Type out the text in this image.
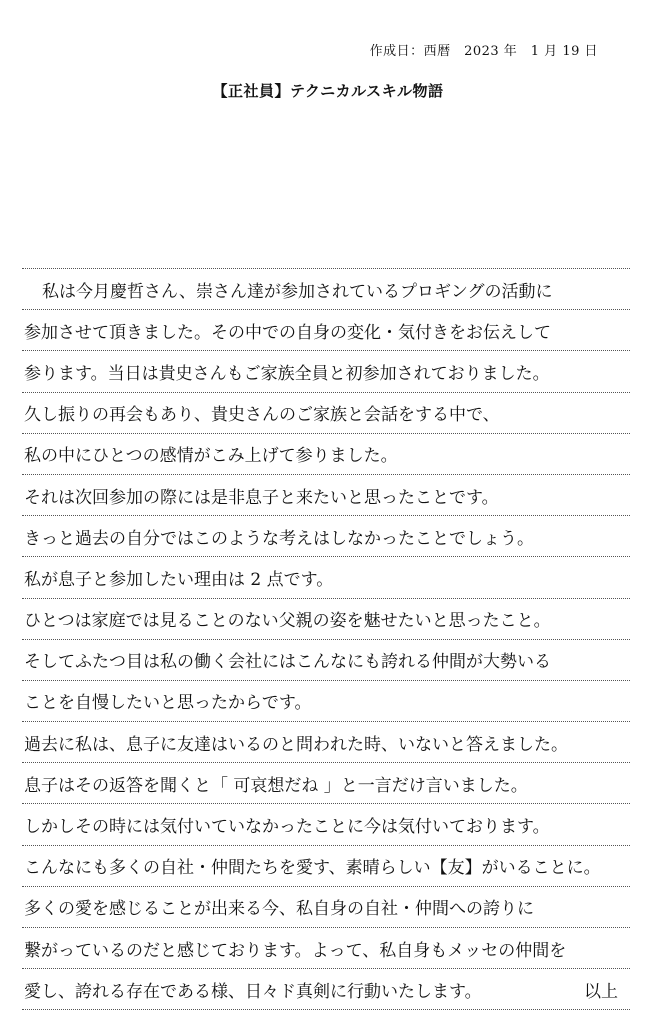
作成日：西暦　2023 年　1 月 19 日
【正社員】テクニカルスキル物語
私は今月慶哲さん、崇さん達が参加されているプロギングの活動に
参加させて頂きました。その中での自身の変化・気付きをお伝えして
参ります。当日は貴史さんもご家族全員と初参加されておりました。
久し振りの再会もあり、貴史さんのご家族と会話をする中で、
私の中にひとつの感情がこみ上げて参りました。
それは次回参加の際には是非息子と来たいと思ったことです。
きっと過去の自分ではこのような考えはしなかったことでしょう。
私が息子と参加したい理由は 2 点です。
ひとつは家庭では見ることのない父親の姿を魅せたいと思ったこと。
そしてふたつ目は私の働く会社にはこんなにも誇れる仲間が大勢いる
ことを自慢したいと思ったからです。
過去に私は、息子に友達はいるのと問われた時、いないと答えました。
息子はその返答を聞くと「 可哀想だね 」と一言だけ言いました。
しかしその時には気付いていなかったことに今は気付いております。
こんなにも多くの自社・仲間たちを愛す、素晴らしい【友】がいることに。
多くの愛を感じることが出来る今、私自身の自社・仲間への誇りに
繋がっているのだと感じております。よって、私自身もメッセの仲間を
愛し、誇れる存在である様、日々ド真剣に行動いたします。	以上
